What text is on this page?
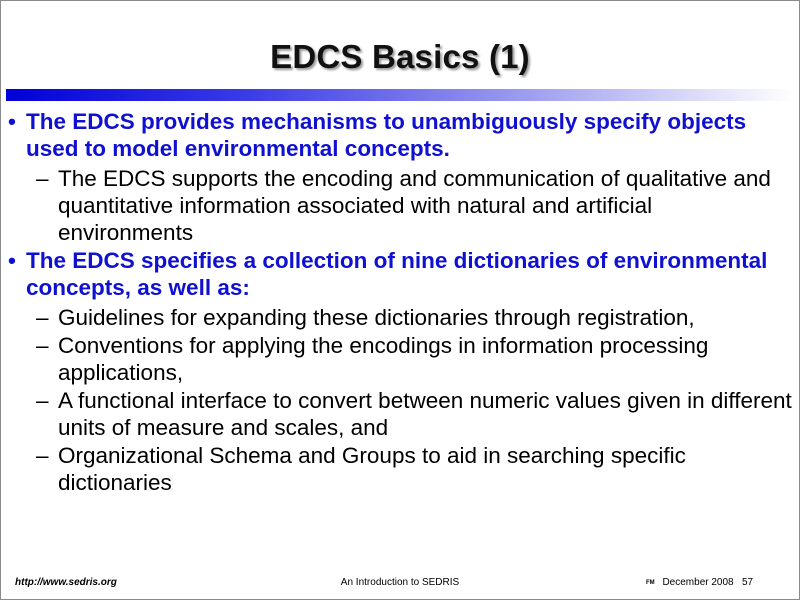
EDCS Basics (1)
• The EDCS provides mechanisms to unambiguously specify objects used to model environmental concepts.
– The EDCS supports the encoding and communication of qualitative and quantitative information associated with natural and artificial environments
• The EDCS specifies a collection of nine dictionaries of environmental concepts, as well as:
– Guidelines for expanding these dictionaries through registration,
– Conventions for applying the encodings in information processing applications,
– A functional interface to convert between numeric values given in different units of measure and scales, and
– Organizational Schema and Groups to aid in searching specific dictionaries
http://www.sedris.org	An Introduction to SEDRIS	FM December 2008 57
